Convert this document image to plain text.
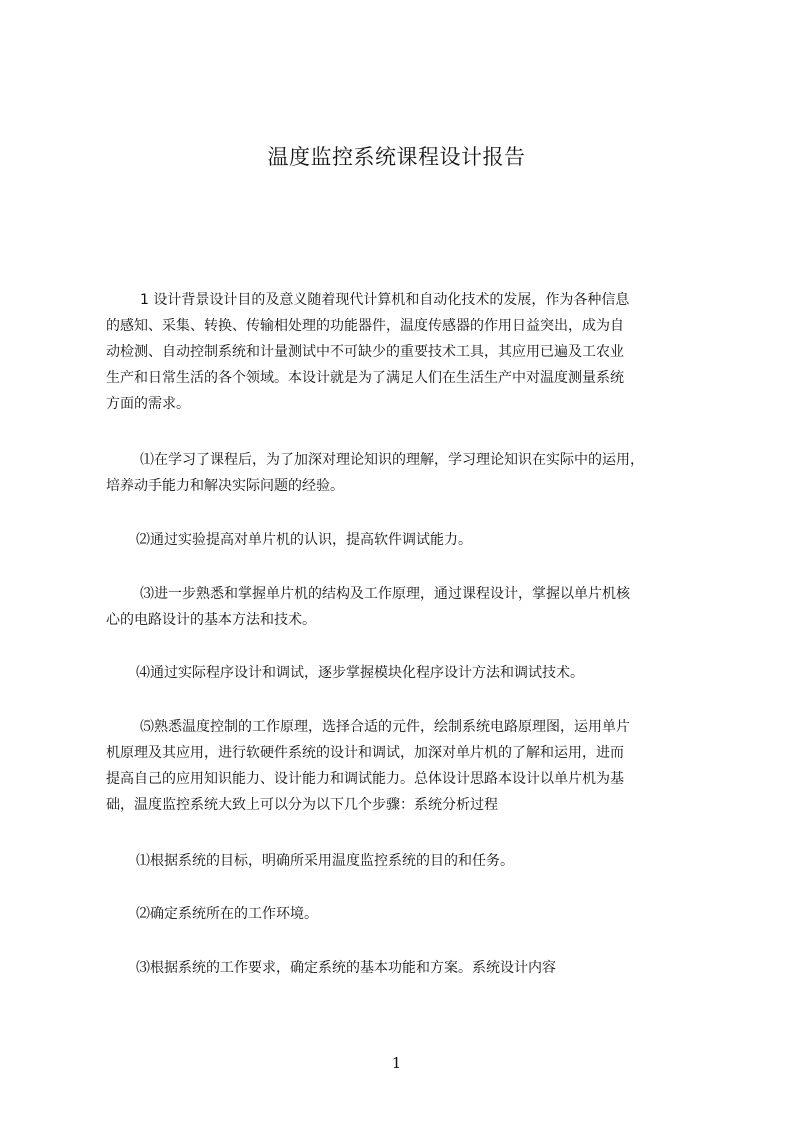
温度监控系统课程设计报告
1 设计背景设计目的及意义随着现代计算机和自动化技术的发展，作为各种信息
的感知、采集、转换、传输相处理的功能器件，温度传感器的作用日益突出，成为自
动检测、自动控制系统和计量测试中不可缺少的重要技术工具，其应用已遍及工农业
生产和日常生活的各个领域。本设计就是为了满足人们在生活生产中对温度测量系统
方面的需求。
⑴在学习了课程后，为了加深对理论知识的理解，学习理论知识在实际中的运用，
培养动手能力和解决实际问题的经验。
⑵通过实验提高对单片机的认识，提高软件调试能力。
⑶进一步熟悉和掌握单片机的结构及工作原理，通过课程设计，掌握以单片机核
心的电路设计的基本方法和技术。
⑷通过实际程序设计和调试，逐步掌握模块化程序设计方法和调试技术。
⑸熟悉温度控制的工作原理，选择合适的元件，绘制系统电路原理图，运用单片
机原理及其应用，进行软硬件系统的设计和调试，加深对单片机的了解和运用，进而
提高自己的应用知识能力、设计能力和调试能力。总体设计思路本设计以单片机为基
础，温度监控系统大致上可以分为以下几个步骤：系统分析过程
⑴根据系统的目标，明确所采用温度监控系统的目的和任务。
⑵确定系统所在的工作环境。
⑶根据系统的工作要求，确定系统的基本功能和方案。系统设计内容
1
